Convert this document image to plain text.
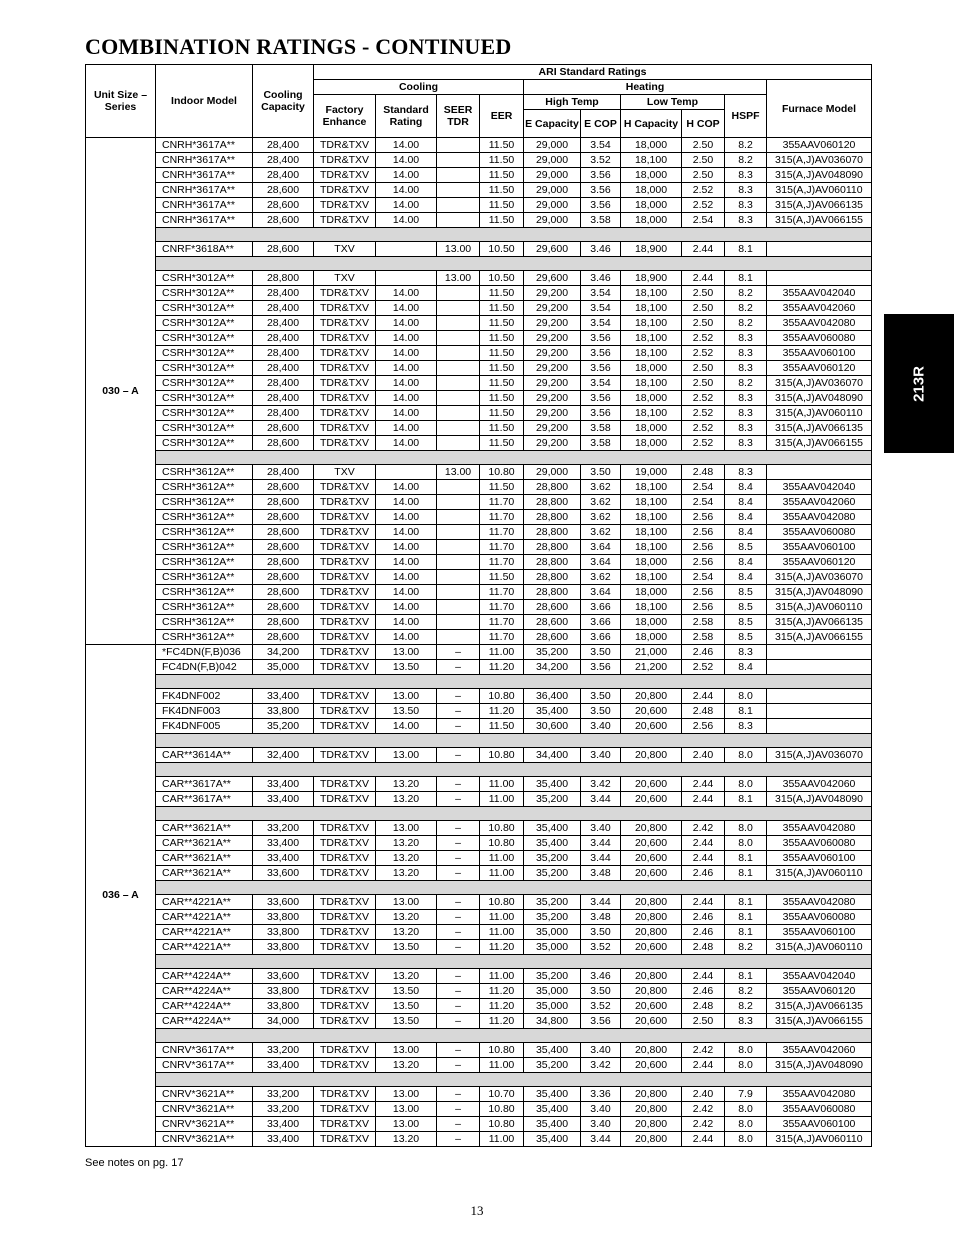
COMBINATION RATINGS - CONTINUED
213R
Unit Size – Series	Indoor Model	Cooling Capacity	ARI Standard Ratings									
			Cooling				Heating					Furnace Model
			Factory Enhance	Standard Rating	SEER TDR	EER	High Temp		Low Temp		HSPF	
							E Capacity	E COP	H Capacity	H COP		
030 – A	CNRH*3617A**	28,400	TDR&TXV	14.00		11.50	29,000	3.54	18,000	2.50	8.2	355AAV060120
	CNRH*3617A**	28,400	TDR&TXV	14.00		11.50	29,000	3.52	18,100	2.50	8.2	315(A,J)AV036070
	CNRH*3617A**	28,400	TDR&TXV	14.00		11.50	29,000	3.56	18,000	2.50	8.3	315(A,J)AV048090
	CNRH*3617A**	28,600	TDR&TXV	14.00		11.50	29,000	3.56	18,000	2.52	8.3	315(A,J)AV060110
	CNRH*3617A**	28,600	TDR&TXV	14.00		11.50	29,000	3.56	18,000	2.52	8.3	315(A,J)AV066135
	CNRH*3617A**	28,600	TDR&TXV	14.00		11.50	29,000	3.58	18,000	2.54	8.3	315(A,J)AV066155

	CNRF*3618A**	28,600	TXV		13.00	10.50	29,600	3.46	18,900	2.44	8.1	

	CSRH*3012A**	28,800	TXV		13.00	10.50	29,600	3.46	18,900	2.44	8.1	
	CSRH*3012A**	28,400	TDR&TXV	14.00		11.50	29,200	3.54	18,100	2.50	8.2	355AAV042040
	CSRH*3012A**	28,400	TDR&TXV	14.00		11.50	29,200	3.54	18,100	2.50	8.2	355AAV042060
	CSRH*3012A**	28,400	TDR&TXV	14.00		11.50	29,200	3.54	18,100	2.50	8.2	355AAV042080
	CSRH*3012A**	28,400	TDR&TXV	14.00		11.50	29,200	3.56	18,100	2.52	8.3	355AAV060080
	CSRH*3012A**	28,400	TDR&TXV	14.00		11.50	29,200	3.56	18,100	2.52	8.3	355AAV060100
	CSRH*3012A**	28,400	TDR&TXV	14.00		11.50	29,200	3.56	18,000	2.50	8.3	355AAV060120
	CSRH*3012A**	28,400	TDR&TXV	14.00		11.50	29,200	3.54	18,100	2.50	8.2	315(A,J)AV036070
	CSRH*3012A**	28,400	TDR&TXV	14.00		11.50	29,200	3.56	18,000	2.52	8.3	315(A,J)AV048090
	CSRH*3012A**	28,400	TDR&TXV	14.00		11.50	29,200	3.56	18,100	2.52	8.3	315(A,J)AV060110
	CSRH*3012A**	28,600	TDR&TXV	14.00		11.50	29,200	3.58	18,000	2.52	8.3	315(A,J)AV066135
	CSRH*3012A**	28,600	TDR&TXV	14.00		11.50	29,200	3.58	18,000	2.52	8.3	315(A,J)AV066155

	CSRH*3612A**	28,400	TXV		13.00	10.80	29,000	3.50	19,000	2.48	8.3	
	CSRH*3612A**	28,600	TDR&TXV	14.00		11.50	28,800	3.62	18,100	2.54	8.4	355AAV042040
	CSRH*3612A**	28,600	TDR&TXV	14.00		11.70	28,800	3.62	18,100	2.54	8.4	355AAV042060
	CSRH*3612A**	28,600	TDR&TXV	14.00		11.70	28,800	3.62	18,100	2.56	8.4	355AAV042080
	CSRH*3612A**	28,600	TDR&TXV	14.00		11.70	28,800	3.62	18,100	2.56	8.4	355AAV060080
	CSRH*3612A**	28,600	TDR&TXV	14.00		11.70	28,800	3.64	18,100	2.56	8.5	355AAV060100
	CSRH*3612A**	28,600	TDR&TXV	14.00		11.70	28,800	3.64	18,000	2.56	8.4	355AAV060120
	CSRH*3612A**	28,600	TDR&TXV	14.00		11.50	28,800	3.62	18,100	2.54	8.4	315(A,J)AV036070
	CSRH*3612A**	28,600	TDR&TXV	14.00		11.70	28,800	3.64	18,000	2.56	8.5	315(A,J)AV048090
	CSRH*3612A**	28,600	TDR&TXV	14.00		11.70	28,600	3.66	18,100	2.56	8.5	315(A,J)AV060110
	CSRH*3612A**	28,600	TDR&TXV	14.00		11.70	28,600	3.66	18,000	2.58	8.5	315(A,J)AV066135
	CSRH*3612A**	28,600	TDR&TXV	14.00		11.70	28,600	3.66	18,000	2.58	8.5	315(A,J)AV066155
036 – A	*FC4DN(F,B)036	34,200	TDR&TXV	13.00	–	11.00	35,200	3.50	21,000	2.46	8.3	
	FC4DN(F,B)042	35,000	TDR&TXV	13.50	–	11.20	34,200	3.56	21,200	2.52	8.4	

	FK4DNF002	33,400	TDR&TXV	13.00	–	10.80	36,400	3.50	20,800	2.44	8.0	
	FK4DNF003	33,800	TDR&TXV	13.50	–	11.20	35,400	3.50	20,600	2.48	8.1	
	FK4DNF005	35,200	TDR&TXV	14.00	–	11.50	30,600	3.40	20,600	2.56	8.3	

	CAR**3614A**	32,400	TDR&TXV	13.00	–	10.80	34,400	3.40	20,800	2.40	8.0	315(A,J)AV036070

	CAR**3617A**	33,400	TDR&TXV	13.20	–	11.00	35,400	3.42	20,600	2.44	8.0	355AAV042060
	CAR**3617A**	33,400	TDR&TXV	13.20	–	11.00	35,200	3.44	20,600	2.44	8.1	315(A,J)AV048090

	CAR**3621A**	33,200	TDR&TXV	13.00	–	10.80	35,400	3.40	20,800	2.42	8.0	355AAV042080
	CAR**3621A**	33,400	TDR&TXV	13.20	–	10.80	35,400	3.44	20,600	2.44	8.0	355AAV060080
	CAR**3621A**	33,400	TDR&TXV	13.20	–	11.00	35,200	3.44	20,600	2.44	8.1	355AAV060100
	CAR**3621A**	33,600	TDR&TXV	13.20	–	11.00	35,200	3.48	20,600	2.46	8.1	315(A,J)AV060110

	CAR**4221A**	33,600	TDR&TXV	13.00	–	10.80	35,200	3.44	20,800	2.44	8.1	355AAV042080
	CAR**4221A**	33,800	TDR&TXV	13.20	–	11.00	35,200	3.48	20,800	2.46	8.1	355AAV060080
	CAR**4221A**	33,800	TDR&TXV	13.20	–	11.00	35,000	3.50	20,800	2.46	8.1	355AAV060100
	CAR**4221A**	33,800	TDR&TXV	13.50	–	11.20	35,000	3.52	20,600	2.48	8.2	315(A,J)AV060110

	CAR**4224A**	33,600	TDR&TXV	13.20	–	11.00	35,200	3.46	20,800	2.44	8.1	355AAV042040
	CAR**4224A**	33,800	TDR&TXV	13.50	–	11.20	35,000	3.50	20,800	2.46	8.2	355AAV060120
	CAR**4224A**	33,800	TDR&TXV	13.50	–	11.20	35,000	3.52	20,600	2.48	8.2	315(A,J)AV066135
	CAR**4224A**	34,000	TDR&TXV	13.50	–	11.20	34,800	3.56	20,600	2.50	8.3	315(A,J)AV066155

	CNRV*3617A**	33,200	TDR&TXV	13.00	–	10.80	35,400	3.40	20,800	2.42	8.0	355AAV042060
	CNRV*3617A**	33,400	TDR&TXV	13.20	–	11.00	35,200	3.42	20,600	2.44	8.0	315(A,J)AV048090

	CNRV*3621A**	33,200	TDR&TXV	13.00	–	10.70	35,400	3.36	20,800	2.40	7.9	355AAV042080
	CNRV*3621A**	33,200	TDR&TXV	13.00	–	10.80	35,400	3.40	20,800	2.42	8.0	355AAV060080
	CNRV*3621A**	33,400	TDR&TXV	13.00	–	10.80	35,400	3.40	20,800	2.42	8.0	355AAV060100
	CNRV*3621A**	33,400	TDR&TXV	13.20	–	11.00	35,400	3.44	20,800	2.44	8.0	315(A,J)AV060110
See notes on pg. 17
13
